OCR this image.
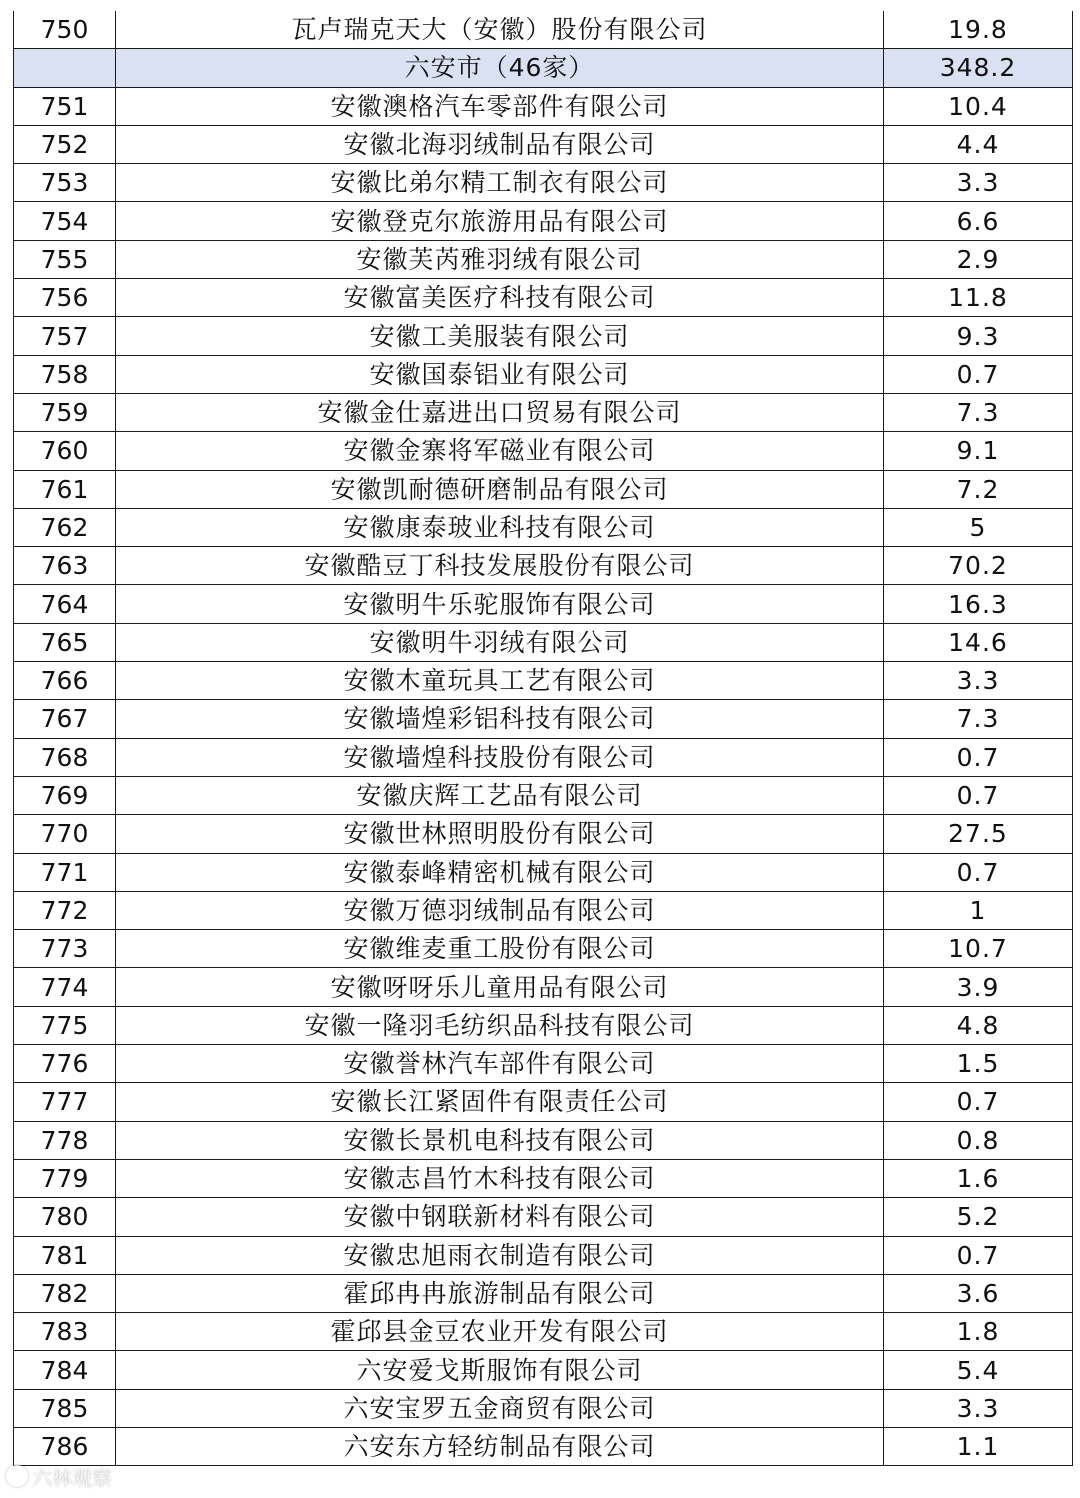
750	瓦卢瑞克天大（安徽）股份有限公司	19.8
	六安市（46家）	348.2
751	安徽澳格汽车零部件有限公司	10.4
752	安徽北海羽绒制品有限公司	4.4
753	安徽比弟尔精工制衣有限公司	3.3
754	安徽登克尔旅游用品有限公司	6.6
755	安徽芙芮雅羽绒有限公司	2.9
756	安徽富美医疗科技有限公司	11.8
757	安徽工美服装有限公司	9.3
758	安徽国泰铝业有限公司	0.7
759	安徽金仕嘉进出口贸易有限公司	7.3
760	安徽金寨将军磁业有限公司	9.1
761	安徽凯耐德研磨制品有限公司	7.2
762	安徽康泰玻业科技有限公司	5
763	安徽酷豆丁科技发展股份有限公司	70.2
764	安徽明牛乐驼服饰有限公司	16.3
765	安徽明牛羽绒有限公司	14.6
766	安徽木童玩具工艺有限公司	3.3
767	安徽墙煌彩铝科技有限公司	7.3
768	安徽墙煌科技股份有限公司	0.7
769	安徽庆辉工艺品有限公司	0.7
770	安徽世林照明股份有限公司	27.5
771	安徽泰峰精密机械有限公司	0.7
772	安徽万德羽绒制品有限公司	1
773	安徽维麦重工股份有限公司	10.7
774	安徽呀呀乐儿童用品有限公司	3.9
775	安徽一隆羽毛纺织品科技有限公司	4.8
776	安徽誉林汽车部件有限公司	1.5
777	安徽长江紧固件有限责任公司	0.7
778	安徽长景机电科技有限公司	0.8
779	安徽志昌竹木科技有限公司	1.6
780	安徽中钢联新材料有限公司	5.2
781	安徽忠旭雨衣制造有限公司	0.7
782	霍邱冉冉旅游制品有限公司	3.6
783	霍邱县金豆农业开发有限公司	1.8
784	六安爱戈斯服饰有限公司	5.4
785	六安宝罗五金商贸有限公司	3.3
786	六安东方轻纺制品有限公司	1.1
六林观察
